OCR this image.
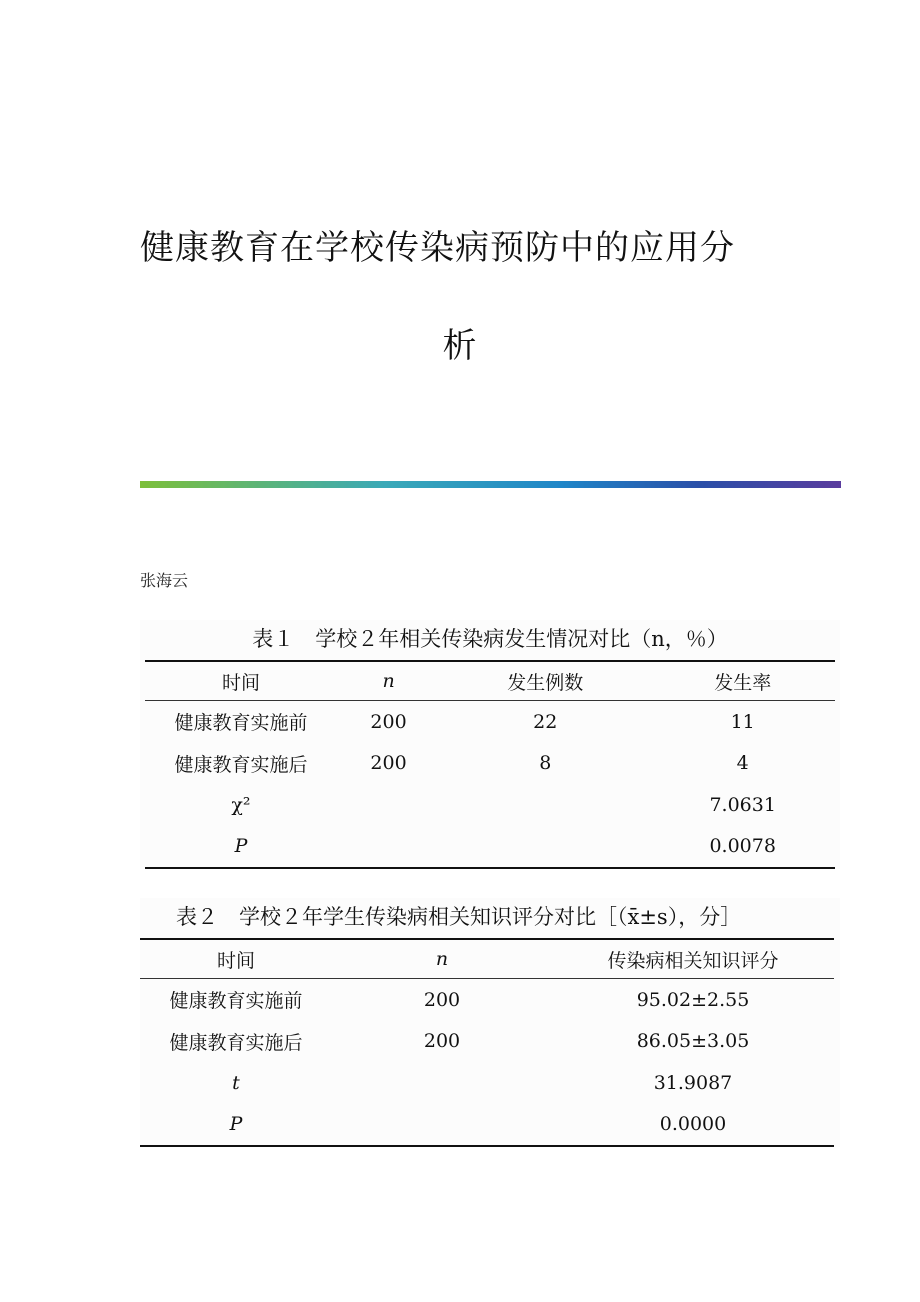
健康教育在学校传染病预防中的应用分
析
张海云
表１　学校２年相关传染病发生情况对比（n，％）
时间	n	发生例数	发生率
健康教育实施前	200	22	11
健康教育实施后	200	8	4
χ²			7.0631
P			0.0078
表２　学校２年学生传染病相关知识评分对比［（x̄±s），分］
时间	n	传染病相关知识评分
健康教育实施前	200	95.02±2.55
健康教育实施后	200	86.05±3.05
t		31.9087
P		0.0000
